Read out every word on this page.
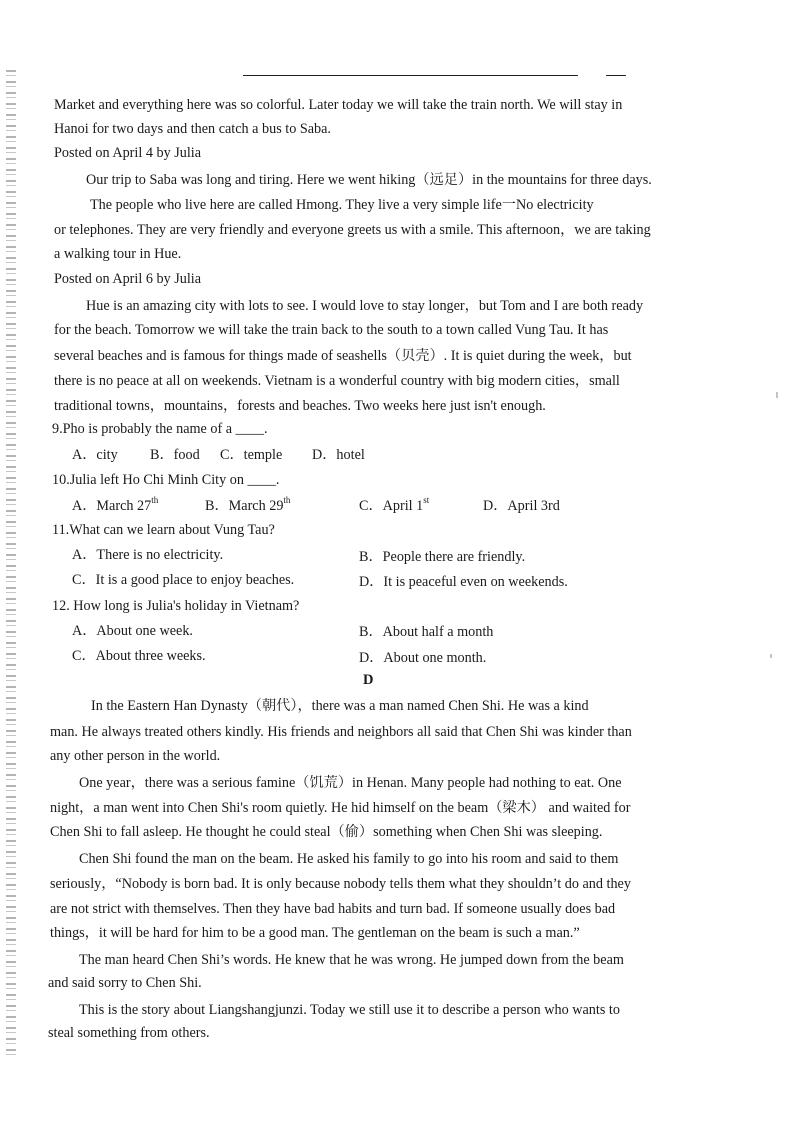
Market and everything here was so colorful. Later today we will take the train north. We will stay in
Hanoi for two days and then catch a bus to Saba.
Posted on April 4 by Julia
Our trip to Saba was long and tiring. Here we went hiking（远足）in the mountains for three days.
The people who live here are called Hmong. They live a very simple life一No electricity
or telephones. They are very friendly and everyone greets us with a smile. This afternoon，we are taking
a walking tour in Hue.
Posted on April 6 by Julia
Hue is an amazing city with lots to see. I would love to stay longer，but Tom and I are both ready
for the beach. Tomorrow we will take the train back to the south to a town called Vung Tau. It has
several beaches and is famous for things made of seashells（贝壳）. It is quiet during the week，but
there is no peace at all on weekends. Vietnam is a wonderful country with big modern cities，small
traditional towns，mountains，forests and beaches. Two weeks here just isn't enough.
9.Pho is probably the name of a ____.
A．city B．food C．temple D．hotel
10.Julia left Ho Chi Minh City on ____.
A．March 27th	B．March 29th	C．April 1st	D．April 3rd
11.What can we learn about Vung Tau?
A．There is no electricity.	B．People there are friendly.
C．It is a good place to enjoy beaches.	D．It is peaceful even on weekends.
12. How long is Julia's holiday in Vietnam?
A．About one week.	B．About half a month
C．About three weeks.	D．About one month.
D
In the Eastern Han Dynasty（朝代），there was a man named Chen Shi. He was a kind
man. He always treated others kindly. His friends and neighbors all said that Chen Shi was kinder than
any other person in the world.
One year，there was a serious famine（饥荒）in Henan. Many people had nothing to eat. One
night，a man went into Chen Shi's room quietly. He hid himself on the beam（梁木） and waited for
Chen Shi to fall asleep. He thought he could steal（偷）something when Chen Shi was sleeping.
Chen Shi found the man on the beam. He asked his family to go into his room and said to them
seriously，“Nobody is born bad. It is only because nobody tells them what they shouldn’t do and they
are not strict with themselves. Then they have bad habits and turn bad. If someone usually does bad
things，it will be hard for him to be a good man. The gentleman on the beam is such a man.”
The man heard Chen Shi’s words. He knew that he was wrong. He jumped down from the beam
and said sorry to Chen Shi.
This is the story about Liangshangjunzi. Today we still use it to describe a person who wants to
steal something from others.
